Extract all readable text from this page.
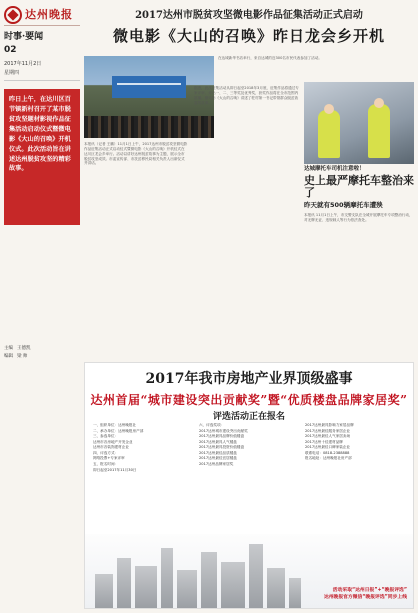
达州晚报
时事·要闻
02
2017年11月2日
星期四
昨日上午，在达川区百节镇新村召开了某市脱贫攻坚题材影视作品征集活动启动仪式暨微电影《大山的召唤》开机仪式。此次活动旨在讲述达州脱贫攻坚的精彩故事。
主编 王德凯
编辑 梁 帅
2017达州市脱贫攻坚微电影作品征集活动正式启动
微电影《大山的召唤》昨日龙会乡开机
在达城新华书店举行，来自达城的近300名市民代表参加了活动。
本报讯（记者 王鹏）11月1日上午，2017达州市脱贫攻坚微电影作品征集活动正式启动仪式暨微电影《大山的召唤》开机仪式在达川区龙会乡举行。活动以讲好达州脱贫故事为主题，展示全市脱贫攻坚成效。市委宣传部、市扶贫移民局相关负责人出席仪式并讲话。
据悉，此次征集活动从即日起至2018年3月底，征集作品将通过专家评审，评出一、二、三等奖及优秀奖，获奖作品将在全市范围内展播。微电影《大山的召唤》讲述了驻村第一书记带领群众脱贫致富的故事。
达城摩托车司机注意啦！
史上最严摩托车整治来了
昨天就有500辆摩托车遭殃
本报讯 11月1日上午，市交警支队在全城开展摩托车专项整治行动，对无牌无证、违规载人等行为依法查处。
2017年我市房地产业界顶级盛事
达州首届“城市建设突出贡献奖”暨“优质楼盘品牌家居奖”
评选活动正在报名
一、组织单位：达州晚报社
二、承办单位：达州晚报房产部
三、参选单位：
达州市各房地产开发企业
达州市各装饰建材企业
四、评选方式：
网络投票+专家评审
五、报名时间：
即日起至2017年11月30日
六、评选奖项：
2017达州城市建设突出贡献奖
2017达州最具品牌价值楼盘
2017达州最具人气楼盘
2017达州最具投资价值楼盘
2017达州最佳品质楼盘
2017达州最佳宜居楼盘
2017达州品牌家居奖
2017达州最具影响力家居品牌
2017达州最佳服务家居企业
2017达州最佳人气家居卖场
2017达州十佳建材品牌
2017达州最佳口碑家装企业
联系电话：0818-2388888
报名地址：达州晚报社房产部
活动采取“达州日报”+“晚报评选”
达州晚报官方微信“晚报评选”同步上线
